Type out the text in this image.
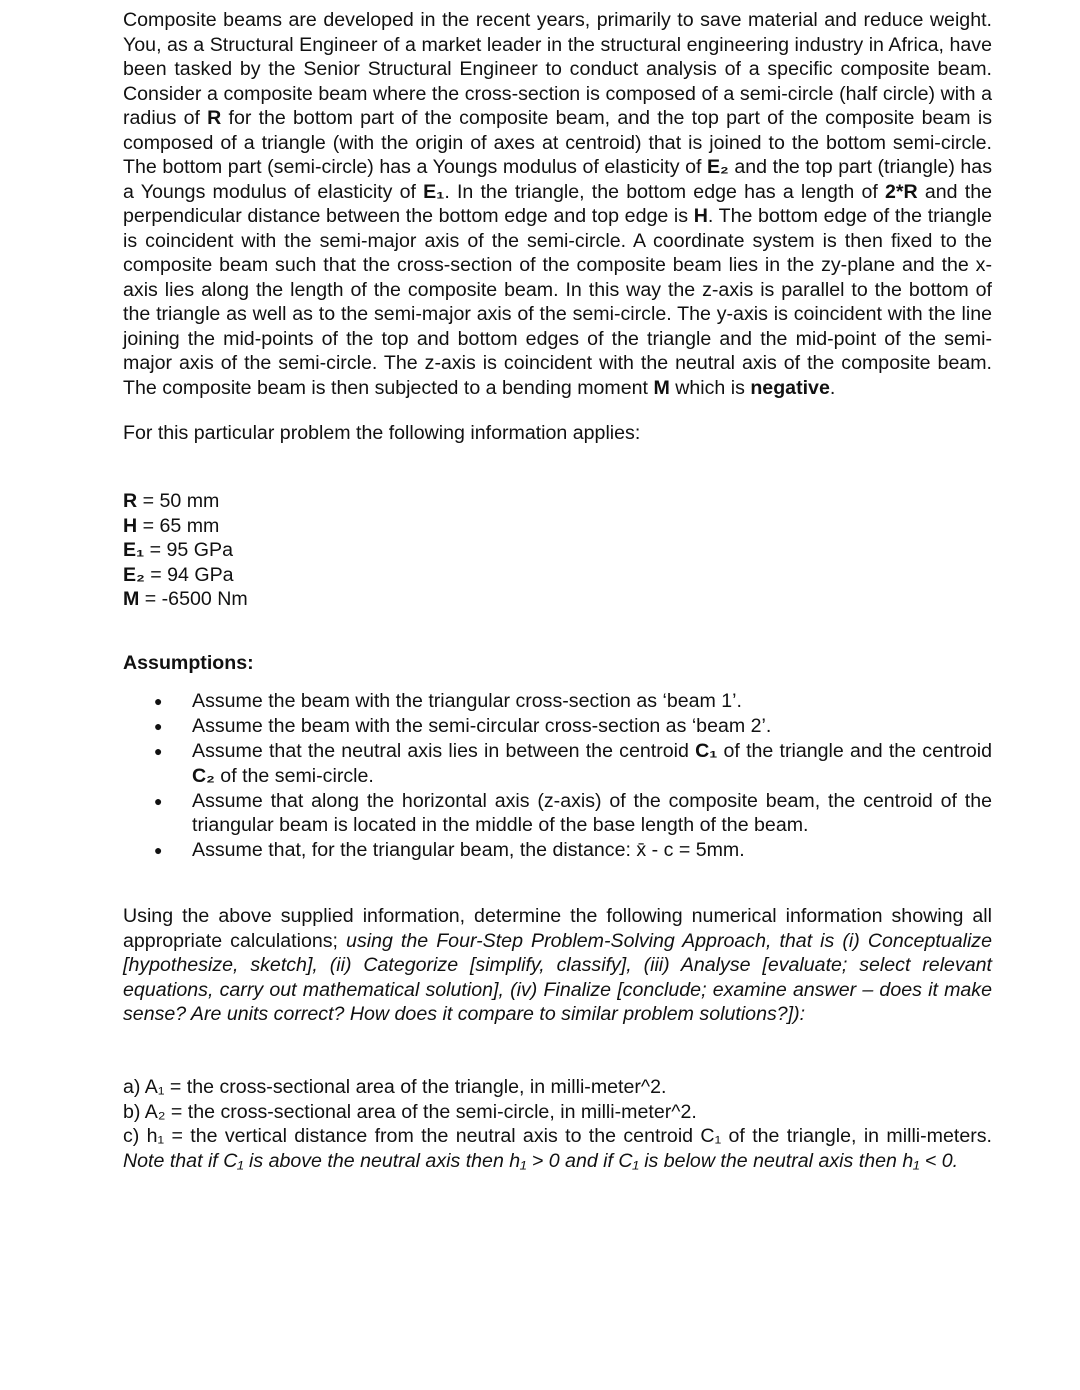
Composite beams are developed in the recent years, primarily to save material and reduce weight. You, as a Structural Engineer of a market leader in the structural engineering industry in Africa, have been tasked by the Senior Structural Engineer to conduct analysis of a specific composite beam. Consider a composite beam where the cross-section is composed of a semi-circle (half circle) with a radius of R for the bottom part of the composite beam, and the top part of the composite beam is composed of a triangle (with the origin of axes at centroid) that is joined to the bottom semi-circle. The bottom part (semi-circle) has a Youngs modulus of elasticity of E₂ and the top part (triangle) has a Youngs modulus of elasticity of E₁. In the triangle, the bottom edge has a length of 2*R and the perpendicular distance between the bottom edge and top edge is H. The bottom edge of the triangle is coincident with the semi-major axis of the semi-circle. A coordinate system is then fixed to the composite beam such that the cross-section of the composite beam lies in the zy-plane and the x-axis lies along the length of the composite beam. In this way the z-axis is parallel to the bottom of the triangle as well as to the semi-major axis of the semi-circle. The y-axis is coincident with the line joining the mid-points of the top and bottom edges of the triangle and the mid-point of the semi-major axis of the semi-circle. The z-axis is coincident with the neutral axis of the composite beam. The composite beam is then subjected to a bending moment M which is negative.

For this particular problem the following information applies:

R = 50 mm
H = 65 mm
E₁ = 95 GPa
E₂ = 94 GPa
M = -6500 Nm

Assumptions:

● Assume the beam with the triangular cross-section as ‘beam 1’.
● Assume the beam with the semi-circular cross-section as ‘beam 2’.
● Assume that the neutral axis lies in between the centroid C₁ of the triangle and the centroid C₂ of the semi-circle.
● Assume that along the horizontal axis (z-axis) of the composite beam, the centroid of the triangular beam is located in the middle of the base length of the beam.
● Assume that, for the triangular beam, the distance: x̄ - c = 5mm.

Using the above supplied information, determine the following numerical information showing all appropriate calculations; using the Four-Step Problem-Solving Approach, that is (i) Conceptualize [hypothesize, sketch], (ii) Categorize [simplify, classify], (iii) Analyse [evaluate; select relevant equations, carry out mathematical solution], (iv) Finalize [conclude; examine answer – does it make sense? Are units correct? How does it compare to similar problem solutions?]):

a) A₁ = the cross-sectional area of the triangle, in milli-meter^2.
b) A₂ = the cross-sectional area of the semi-circle, in milli-meter^2.
c) h₁ = the vertical distance from the neutral axis to the centroid C₁ of the triangle, in milli-meters. Note that if C₁ is above the neutral axis then h₁ > 0 and if C₁ is below the neutral axis then h₁ < 0.
